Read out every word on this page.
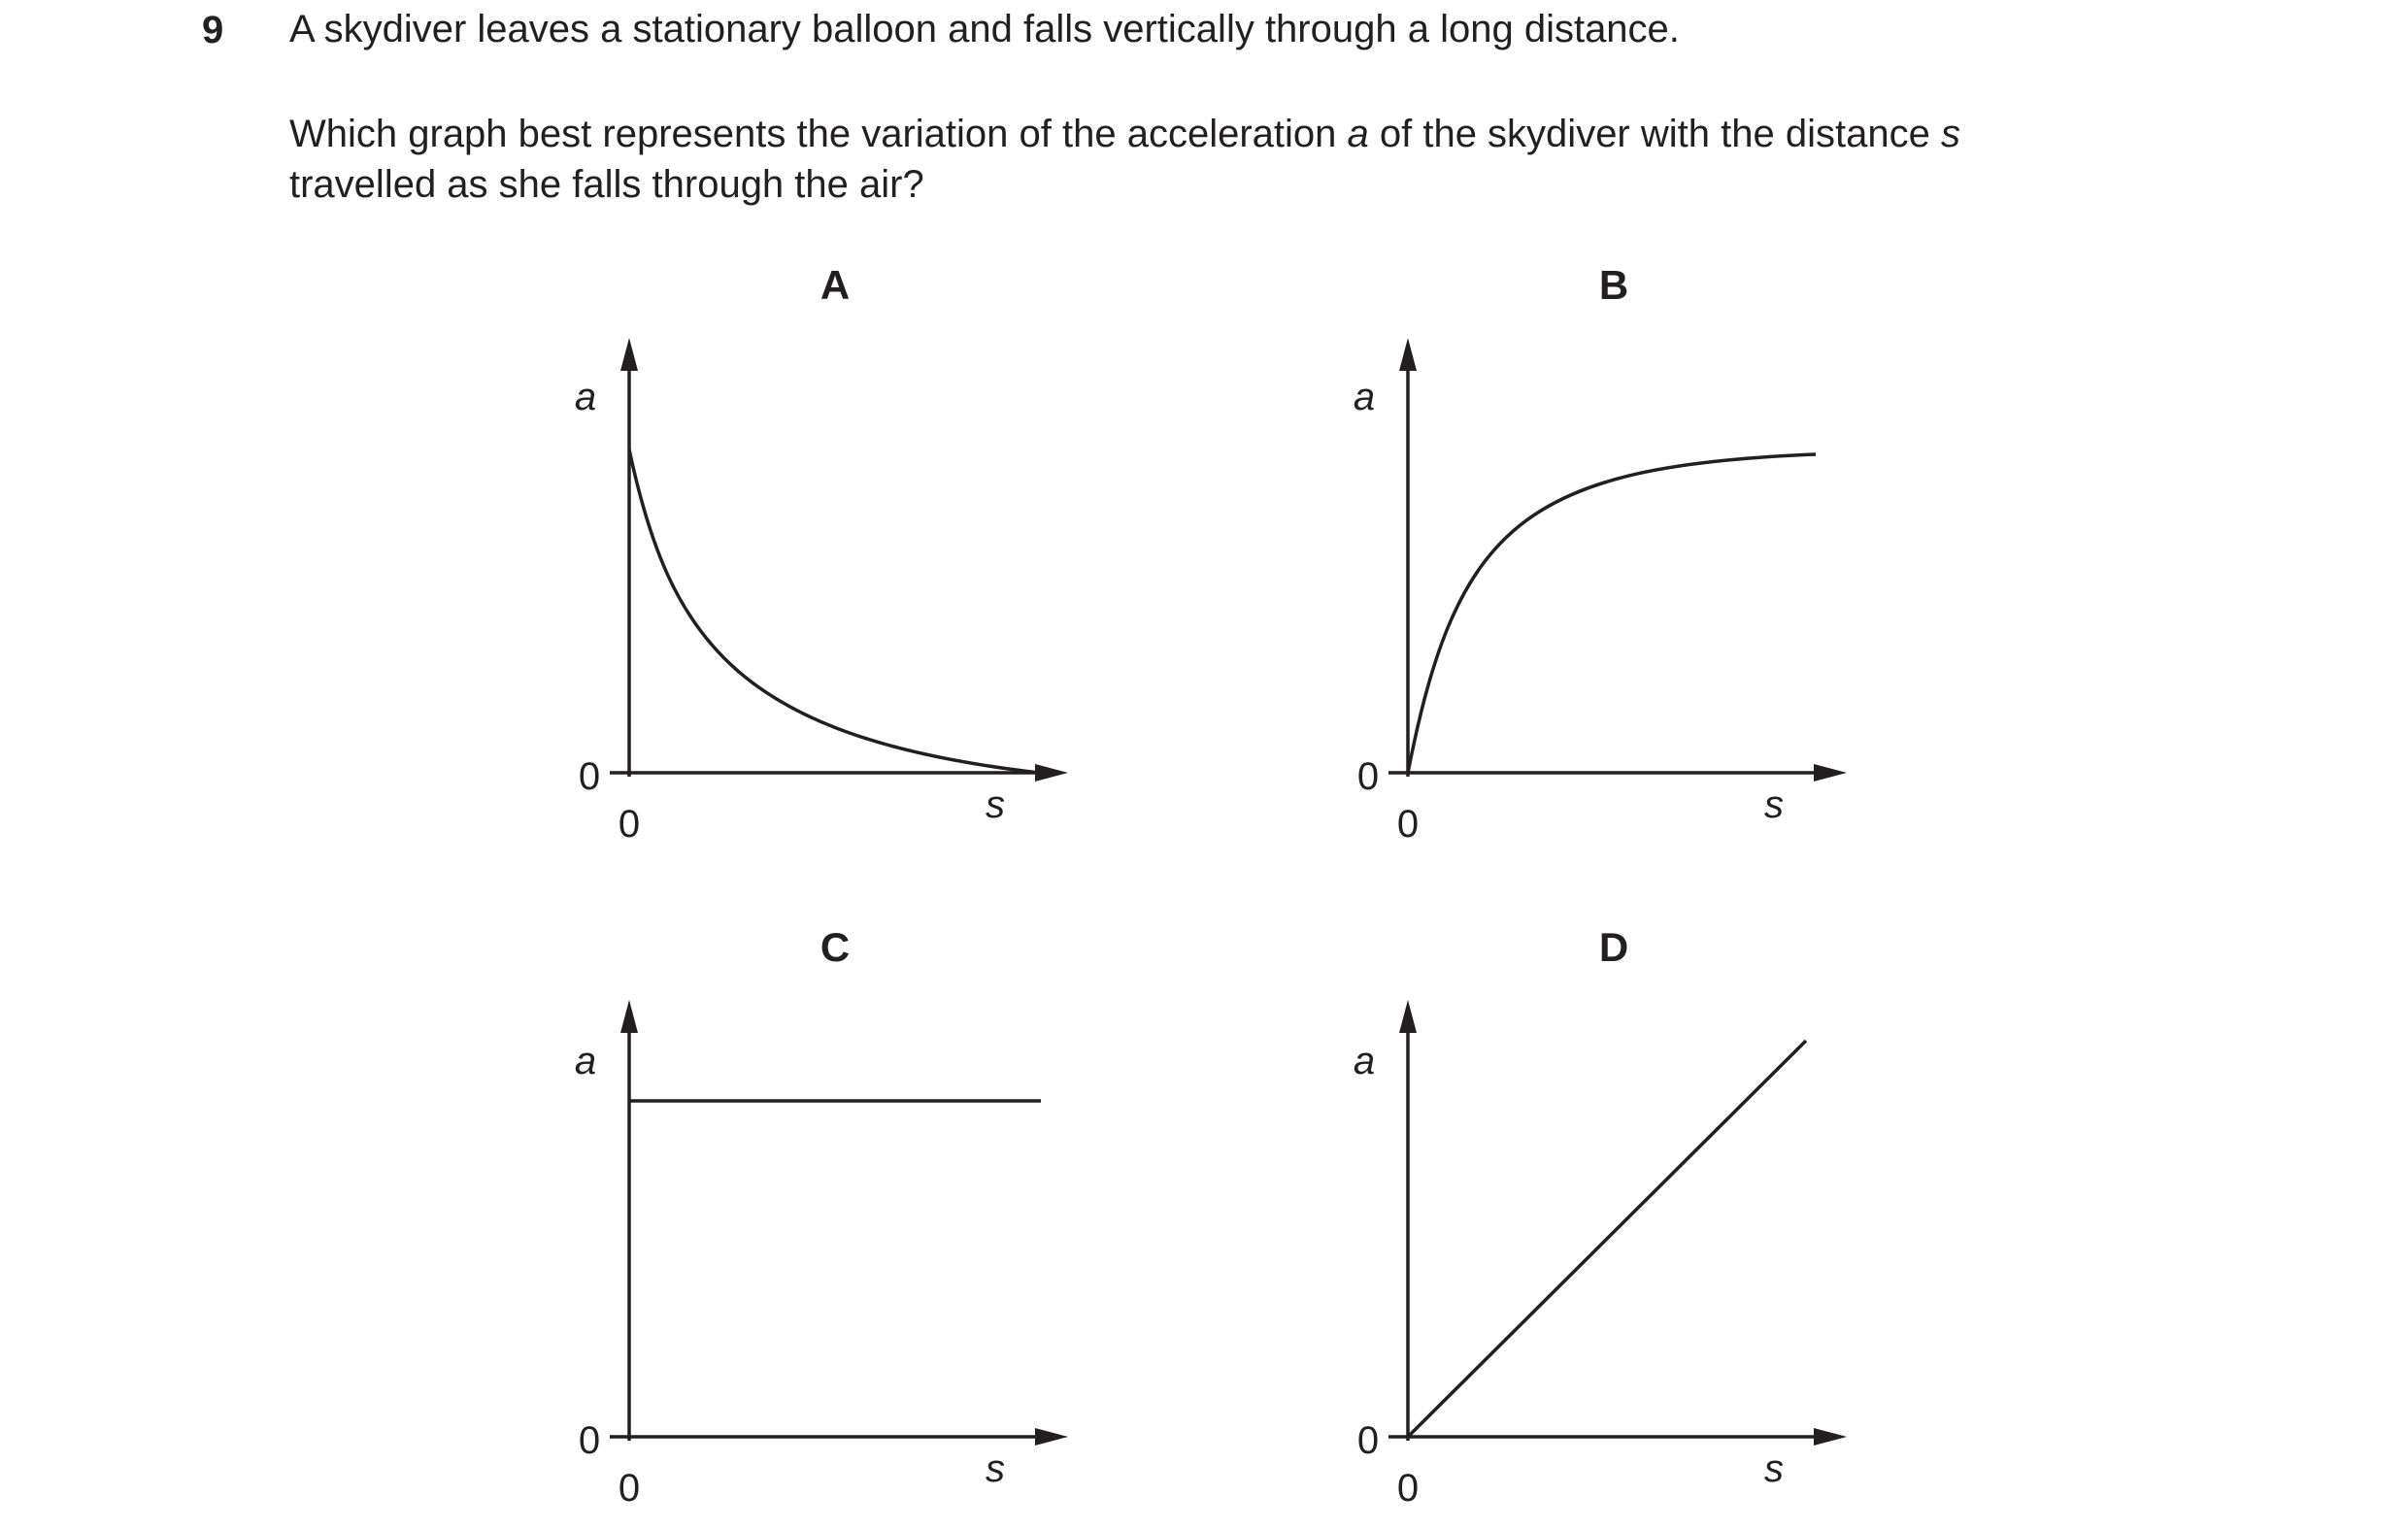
9 A skydiver leaves a stationary balloon and falls vertically through a long distance.
Which graph best represents the variation of the acceleration a of the skydiver with the distance s
travelled as she falls through the air?
A
a
0
0	s
B
a
0
0	s
C
a
0
0	s
D
a
0
0	s
